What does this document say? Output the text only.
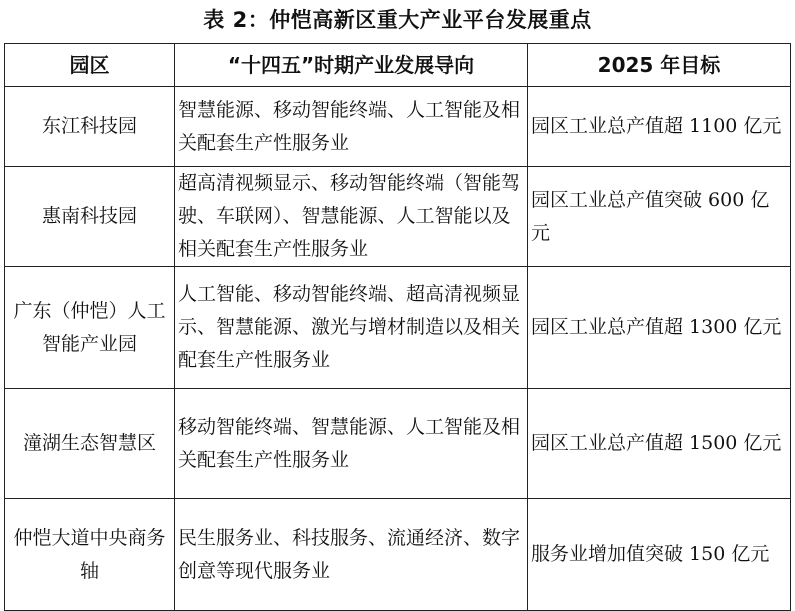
表 2：仲恺高新区重大产业平台发展重点
园区	“十四五”时期产业发展导向	2025 年目标
东江科技园	智慧能源、移动智能终端、人工智能及相关配套生产性服务业	园区工业总产值超 1100 亿元
惠南科技园	超高清视频显示、移动智能终端（智能驾驶、车联网）、智慧能源、人工智能以及相关配套生产性服务业	园区工业总产值突破 600 亿元
广东（仲恺）人工智能产业园	人工智能、移动智能终端、超高清视频显示、智慧能源、激光与增材制造以及相关配套生产性服务业	园区工业总产值超 1300 亿元
潼湖生态智慧区	移动智能终端、智慧能源、人工智能及相关配套生产性服务业	园区工业总产值超 1500 亿元
仲恺大道中央商务轴	民生服务业、科技服务、流通经济、数字创意等现代服务业	服务业增加值突破 150 亿元
